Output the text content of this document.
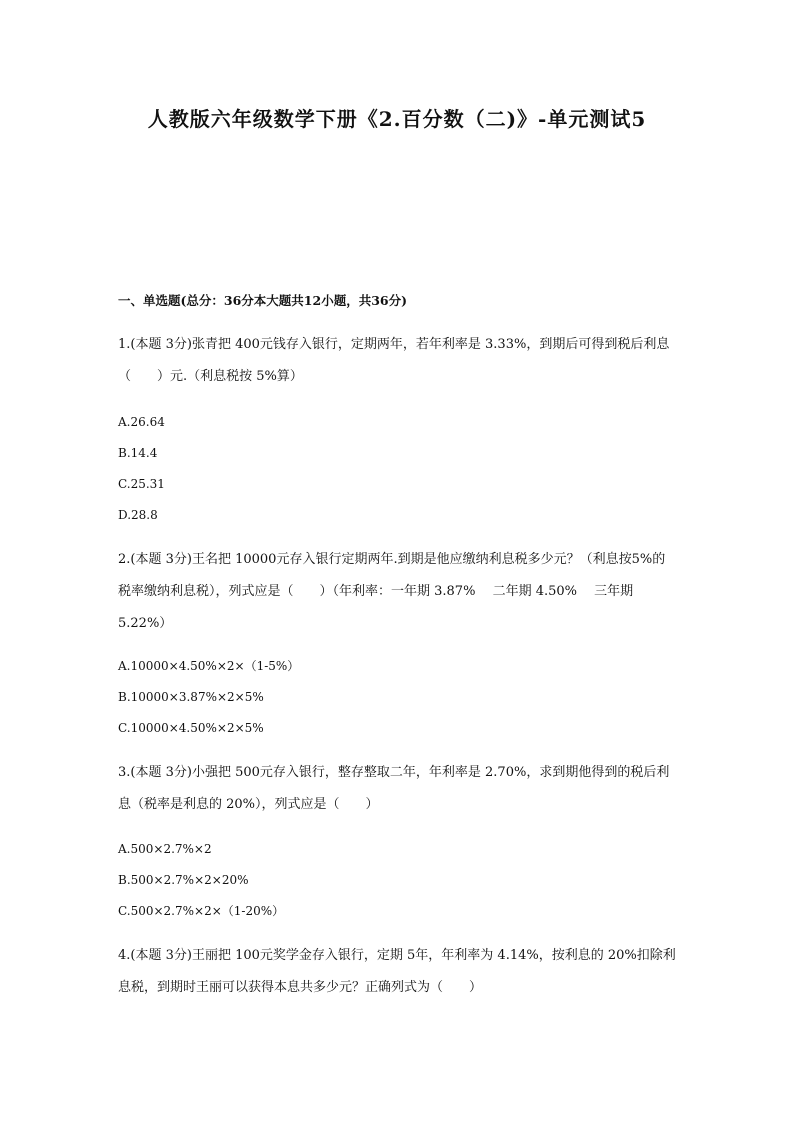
人教版六年级数学下册《2.百分数（二)》-单元测试5
一、单选题(总分：36分本大题共12小题，共36分)
1.(本题 3分)张青把 400元钱存入银行，定期两年，若年利率是 3.33%，到期后可得到税后利息（　　）元.（利息税按 5%算）
A.26.64
B.14.4
C.25.31
D.28.8
2.(本题 3分)王名把 10000元存入银行定期两年.到期是他应缴纳利息税多少元？（利息按5%的税率缴纳利息税），列式应是（　　）（年利率：一年期 3.87%　 二年期 4.50%　 三年期 5.22%）
A.10000×4.50%×2×（1-5%）
B.10000×3.87%×2×5%
C.10000×4.50%×2×5%
3.(本题 3分)小强把 500元存入银行，整存整取二年，年利率是 2.70%，求到期他得到的税后利息（税率是利息的 20%），列式应是（　　）
A.500×2.7%×2
B.500×2.7%×2×20%
C.500×2.7%×2×（1-20%）
4.(本题 3分)王丽把 100元奖学金存入银行，定期 5年，年利率为 4.14%，按利息的 20%扣除利息税，到期时王丽可以获得本息共多少元？正确列式为（　　）
